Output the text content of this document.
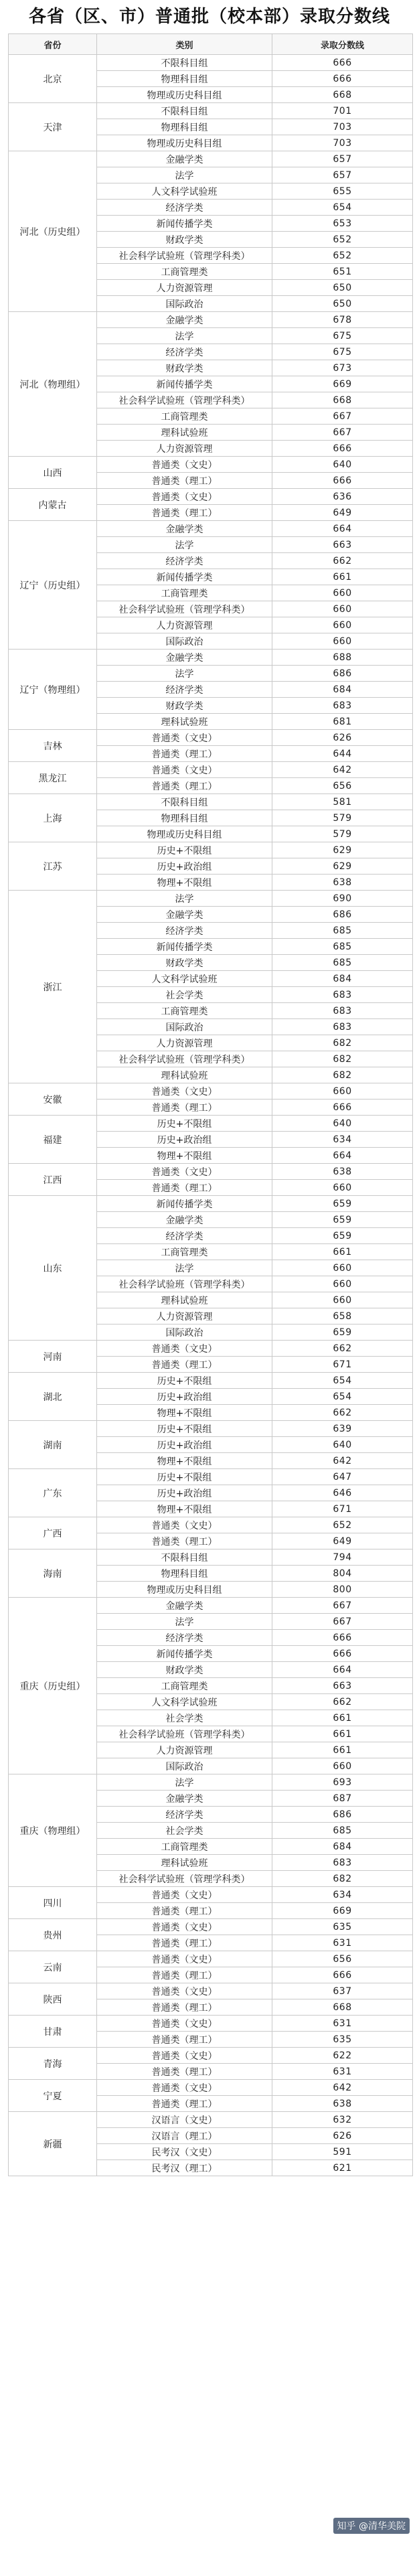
各省（区、市）普通批（校本部）录取分数线
省份	类别	录取分数线
北京	不限科目组	666
	物理科目组	666
	物理或历史科目组	668
天津	不限科目组	701
	物理科目组	703
	物理或历史科目组	703
河北（历史组）	金融学类	657
	法学	657
	人文科学试验班	655
	经济学类	654
	新闻传播学类	653
	财政学类	652
	社会科学试验班（管理学科类）	652
	工商管理类	651
	人力资源管理	650
	国际政治	650
河北（物理组）	金融学类	678
	法学	675
	经济学类	675
	财政学类	673
	新闻传播学类	669
	社会科学试验班（管理学科类）	668
	工商管理类	667
	理科试验班	667
	人力资源管理	666
山西	普通类（文史）	640
	普通类（理工）	666
内蒙古	普通类（文史）	636
	普通类（理工）	649
辽宁（历史组）	金融学类	664
	法学	663
	经济学类	662
	新闻传播学类	661
	工商管理类	660
	社会科学试验班（管理学科类）	660
	人力资源管理	660
	国际政治	660
辽宁（物理组）	金融学类	688
	法学	686
	经济学类	684
	财政学类	683
	理科试验班	681
吉林	普通类（文史）	626
	普通类（理工）	644
黑龙江	普通类（文史）	642
	普通类（理工）	656
上海	不限科目组	581
	物理科目组	579
	物理或历史科目组	579
江苏	历史+不限组	629
	历史+政治组	629
	物理+不限组	638
浙江	法学	690
	金融学类	686
	经济学类	685
	新闻传播学类	685
	财政学类	685
	人文科学试验班	684
	社会学类	683
	工商管理类	683
	国际政治	683
	人力资源管理	682
	社会科学试验班（管理学科类）	682
	理科试验班	682
安徽	普通类（文史）	660
	普通类（理工）	666
福建	历史+不限组	640
	历史+政治组	634
	物理+不限组	664
江西	普通类（文史）	638
	普通类（理工）	660
山东	新闻传播学类	659
	金融学类	659
	经济学类	659
	工商管理类	661
	法学	660
	社会科学试验班（管理学科类）	660
	理科试验班	660
	人力资源管理	658
	国际政治	659
河南	普通类（文史）	662
	普通类（理工）	671
湖北	历史+不限组	654
	历史+政治组	654
	物理+不限组	662
湖南	历史+不限组	639
	历史+政治组	640
	物理+不限组	642
广东	历史+不限组	647
	历史+政治组	646
	物理+不限组	671
广西	普通类（文史）	652
	普通类（理工）	649
海南	不限科目组	794
	物理科目组	804
	物理或历史科目组	800
重庆（历史组）	金融学类	667
	法学	667
	经济学类	666
	新闻传播学类	666
	财政学类	664
	工商管理类	663
	人文科学试验班	662
	社会学类	661
	社会科学试验班（管理学科类）	661
	人力资源管理	661
	国际政治	660
重庆（物理组）	法学	693
	金融学类	687
	经济学类	686
	社会学类	685
	工商管理类	684
	理科试验班	683
	社会科学试验班（管理学科类）	682
四川	普通类（文史）	634
	普通类（理工）	669
贵州	普通类（文史）	635
	普通类（理工）	631
云南	普通类（文史）	656
	普通类（理工）	666
陕西	普通类（文史）	637
	普通类（理工）	668
甘肃	普通类（文史）	631
	普通类（理工）	635
青海	普通类（文史）	622
	普通类（理工）	631
宁夏	普通类（文史）	642
	普通类（理工）	638
新疆	汉语言（文史）	632
	汉语言（理工）	626
	民考汉（文史）	591
	民考汉（理工）	621
知乎 @清华美院
